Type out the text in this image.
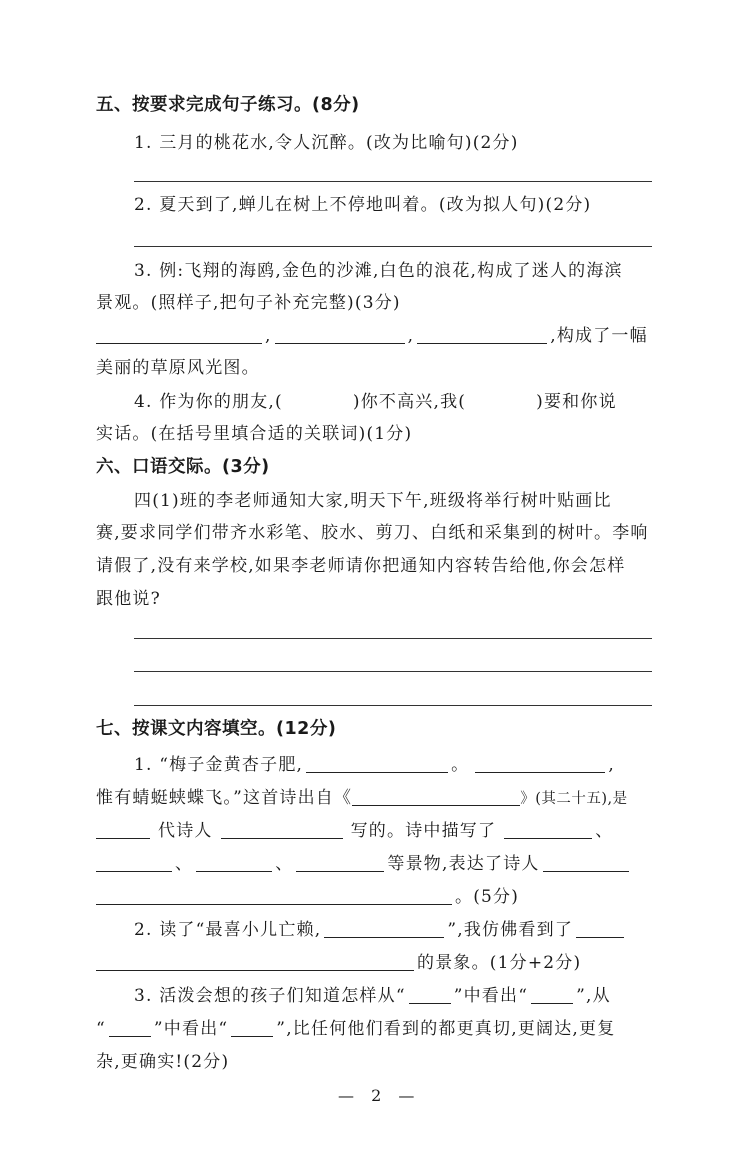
五、按要求完成句子练习。(8分)
1. 三月的桃花水,令人沉醉。(改为比喻句)(2分)
2. 夏天到了,蝉儿在树上不停地叫着。(改为拟人句)(2分)
3. 例:飞翔的海鸥,金色的沙滩,白色的浪花,构成了迷人的海滨
景观。(照样子,把句子补充完整)(3分)
,	,	,构成了一幅
美丽的草原风光图。
4. 作为你的朋友,(	)你不高兴,我(	)要和你说
实话。(在括号里填合适的关联词)(1分)
六、口语交际。(3分)
四(1)班的李老师通知大家,明天下午,班级将举行树叶贴画比
赛,要求同学们带齐水彩笔、胶水、剪刀、白纸和采集到的树叶。李响
请假了,没有来学校,如果李老师请你把通知内容转告给他,你会怎样
跟他说?
七、按课文内容填空。(12分)
1. “梅子金黄杏子肥,	。	,
惟有蜻蜓蛱蝶飞。”这首诗出自《	》(其二十五),是
代诗人	写的。诗中描写了	、
、	、	等景物,表达了诗人
。(5分)
2. 读了“最喜小儿亡赖,	”,我仿佛看到了
的景象。(1分+2分)
3. 活泼会想的孩子们知道怎样从“	”中看出“	”,从
“	”中看出“	”,比任何他们看到的都更真切,更阔达,更复
杂,更确实!(2分)
— 2 —
